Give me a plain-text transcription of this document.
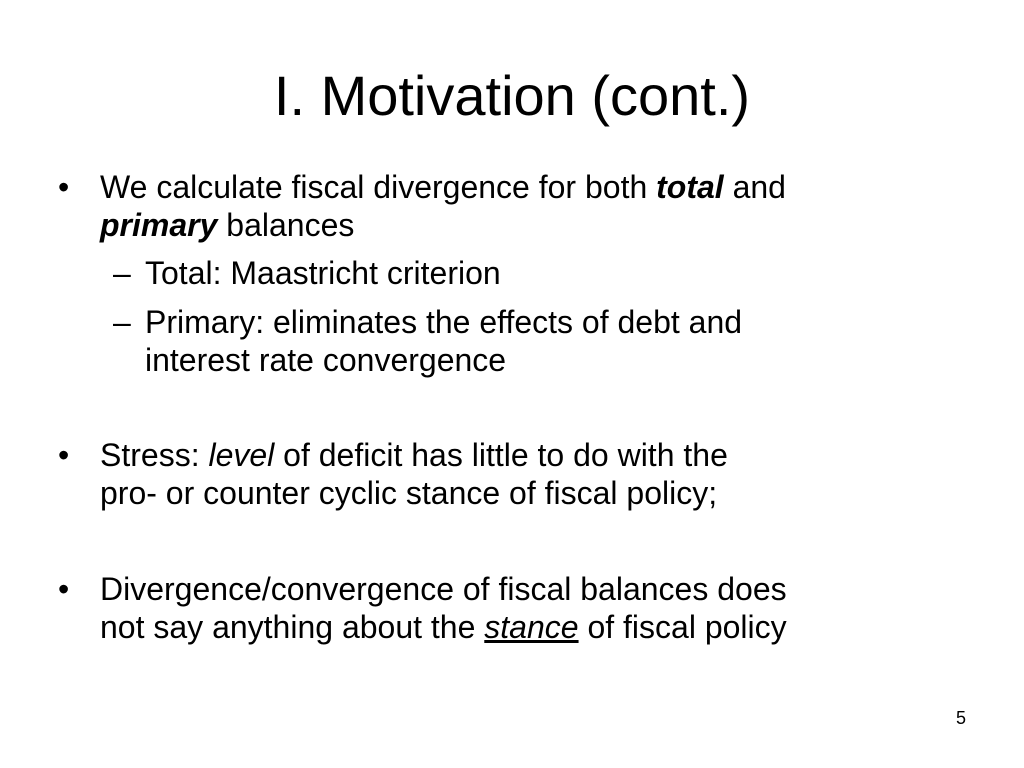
I. Motivation (cont.)
• We calculate fiscal divergence for both total and
primary balances
– Total: Maastricht criterion
– Primary: eliminates the effects of debt and
interest rate convergence
• Stress: level of deficit has little to do with the
pro- or counter cyclic stance of fiscal policy;
• Divergence/convergence of fiscal balances does
not say anything about the stance of fiscal policy
5
